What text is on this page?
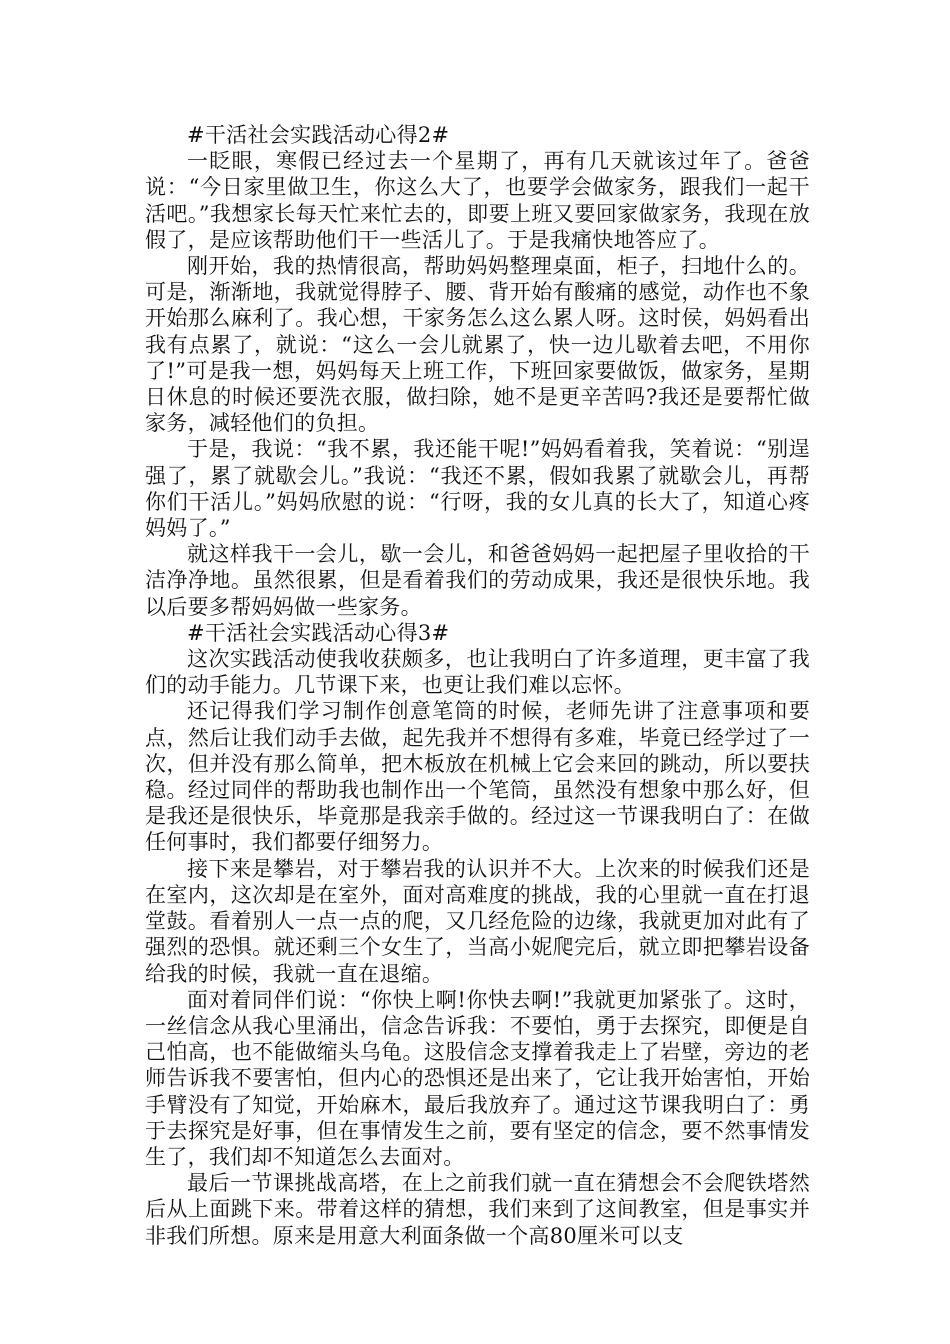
#干活社会实践活动心得2#

一眨眼，寒假已经过去一个星期了，再有几天就该过年了。爸爸说：“今日家里做卫生，你这么大了，也要学会做家务，跟我们一起干活吧。”我想家长每天忙来忙去的，即要上班又要回家做家务，我现在放假了，是应该帮助他们干一些活儿了。于是我痛快地答应了。

刚开始，我的热情很高，帮助妈妈整理桌面，柜子，扫地什么的。可是，渐渐地，我就觉得脖子、腰、背开始有酸痛的感觉，动作也不象开始那么麻利了。我心想，干家务怎么这么累人呀。这时侯，妈妈看出我有点累了，就说：“这么一会儿就累了，快一边儿歇着去吧，不用你了!”可是我一想，妈妈每天上班工作，下班回家要做饭，做家务，星期日休息的时候还要洗衣服，做扫除，她不是更辛苦吗?我还是要帮忙做家务，减轻他们的负担。

于是，我说：“我不累，我还能干呢!”妈妈看着我，笑着说：“别逞强了，累了就歇会儿。”我说：“我还不累，假如我累了就歇会儿，再帮你们干活儿。”妈妈欣慰的说：“行呀，我的女儿真的长大了，知道心疼妈妈了。”

就这样我干一会儿，歇一会儿，和爸爸妈妈一起把屋子里收拾的干洁净净地。虽然很累，但是看着我们的劳动成果，我还是很快乐地。我以后要多帮妈妈做一些家务。

#干活社会实践活动心得3#

这次实践活动使我收获颇多，也让我明白了许多道理，更丰富了我们的动手能力。几节课下来，也更让我们难以忘怀。

还记得我们学习制作创意笔筒的时候，老师先讲了注意事项和要点，然后让我们动手去做，起先我并不想得有多难，毕竟已经学过了一次，但并没有那么简单，把木板放在机械上它会来回的跳动，所以要扶稳。经过同伴的帮助我也制作出一个笔筒，虽然没有想象中那么好，但是我还是很快乐，毕竟那是我亲手做的。经过这一节课我明白了：在做任何事时，我们都要仔细努力。

接下来是攀岩，对于攀岩我的认识并不大。上次来的时候我们还是在室内，这次却是在室外，面对高难度的挑战，我的心里就一直在打退堂鼓。看着别人一点一点的爬，又几经危险的边缘，我就更加对此有了强烈的恐惧。就还剩三个女生了，当高小妮爬完后，就立即把攀岩设备给我的时候，我就一直在退缩。

面对着同伴们说：“你快上啊!你快去啊!”我就更加紧张了。这时，一丝信念从我心里涌出，信念告诉我：不要怕，勇于去探究，即便是自己怕高，也不能做缩头乌龟。这股信念支撑着我走上了岩壁，旁边的老师告诉我不要害怕，但内心的恐惧还是出来了，它让我开始害怕，开始手臂没有了知觉，开始麻木，最后我放弃了。通过这节课我明白了：勇于去探究是好事，但在事情发生之前，要有坚定的信念，要不然事情发生了，我们却不知道怎么去面对。

最后一节课挑战高塔，在上之前我们就一直在猜想会不会爬铁塔然后从上面跳下来。带着这样的猜想，我们来到了这间教室，但是事实并非我们所想。原来是用意大利面条做一个高80厘米可以支
